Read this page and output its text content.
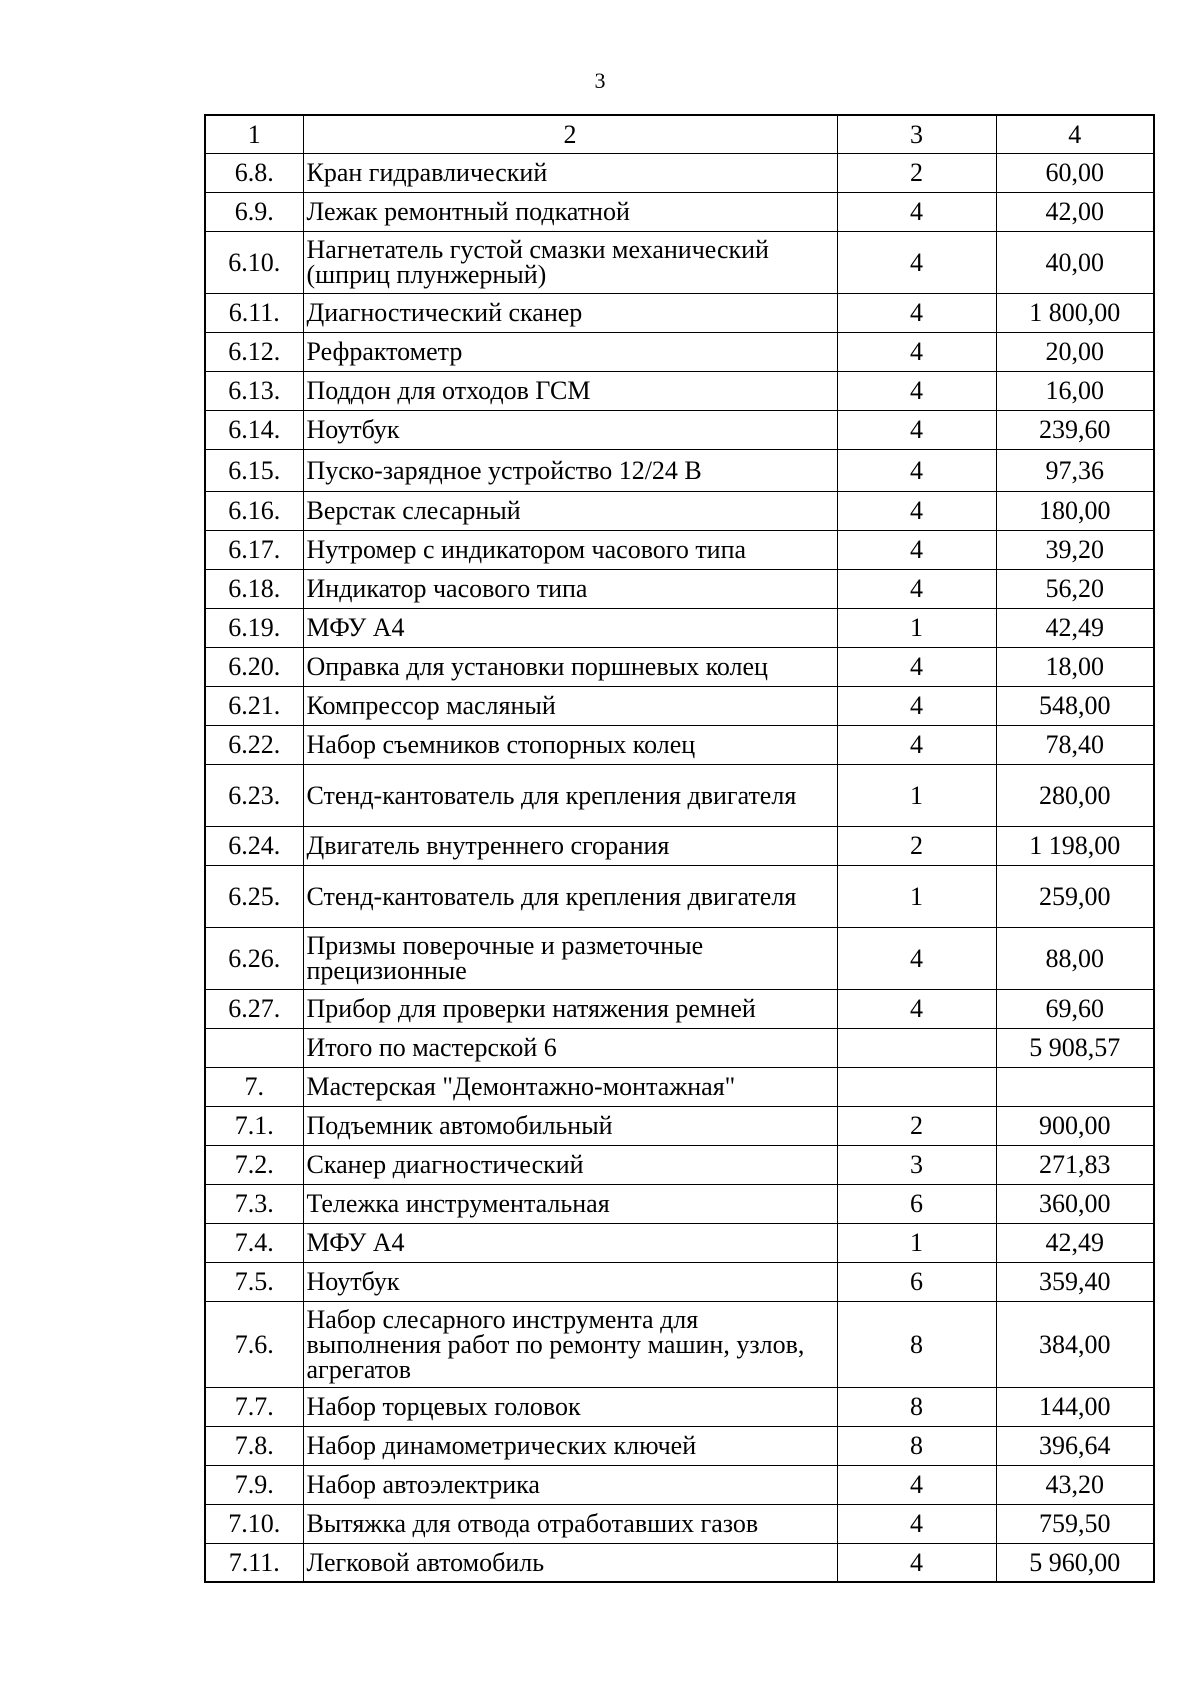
3
1	2	3	4
6.8.	Кран гидравлический	2	60,00
6.9.	Лежак ремонтный подкатной	4	42,00
6.10.	Нагнетатель густой смазки механический (шприц плунжерный)	4	40,00
6.11.	Диагностический сканер	4	1 800,00
6.12.	Рефрактометр	4	20,00
6.13.	Поддон для отходов ГСМ	4	16,00
6.14.	Ноутбук	4	239,60
6.15.	Пуско-зарядное устройство 12/24 В	4	97,36
6.16.	Верстак слесарный	4	180,00
6.17.	Нутромер с индикатором часового типа	4	39,20
6.18.	Индикатор часового типа	4	56,20
6.19.	МФУ А4	1	42,49
6.20.	Оправка для установки поршневых колец	4	18,00
6.21.	Компрессор масляный	4	548,00
6.22.	Набор съемников стопорных колец	4	78,40
6.23.	Стенд-кантователь для крепления двигателя	1	280,00
6.24.	Двигатель внутреннего сгорания	2	1 198,00
6.25.	Стенд-кантователь для крепления двигателя	1	259,00
6.26.	Призмы поверочные и разметочные прецизионные	4	88,00
6.27.	Прибор для проверки натяжения ремней	4	69,60
	Итого по мастерской 6		5 908,57
7.	Мастерская "Демонтажно-монтажная"		
7.1.	Подъемник автомобильный	2	900,00
7.2.	Сканер диагностический	3	271,83
7.3.	Тележка инструментальная	6	360,00
7.4.	МФУ А4	1	42,49
7.5.	Ноутбук	6	359,40
7.6.	Набор слесарного инструмента для выполнения работ по ремонту машин, узлов, агрегатов	8	384,00
7.7.	Набор торцевых головок	8	144,00
7.8.	Набор динамометрических ключей	8	396,64
7.9.	Набор автоэлектрика	4	43,20
7.10.	Вытяжка для отвода отработавших газов	4	759,50
7.11.	Легковой автомобиль	4	5 960,00
